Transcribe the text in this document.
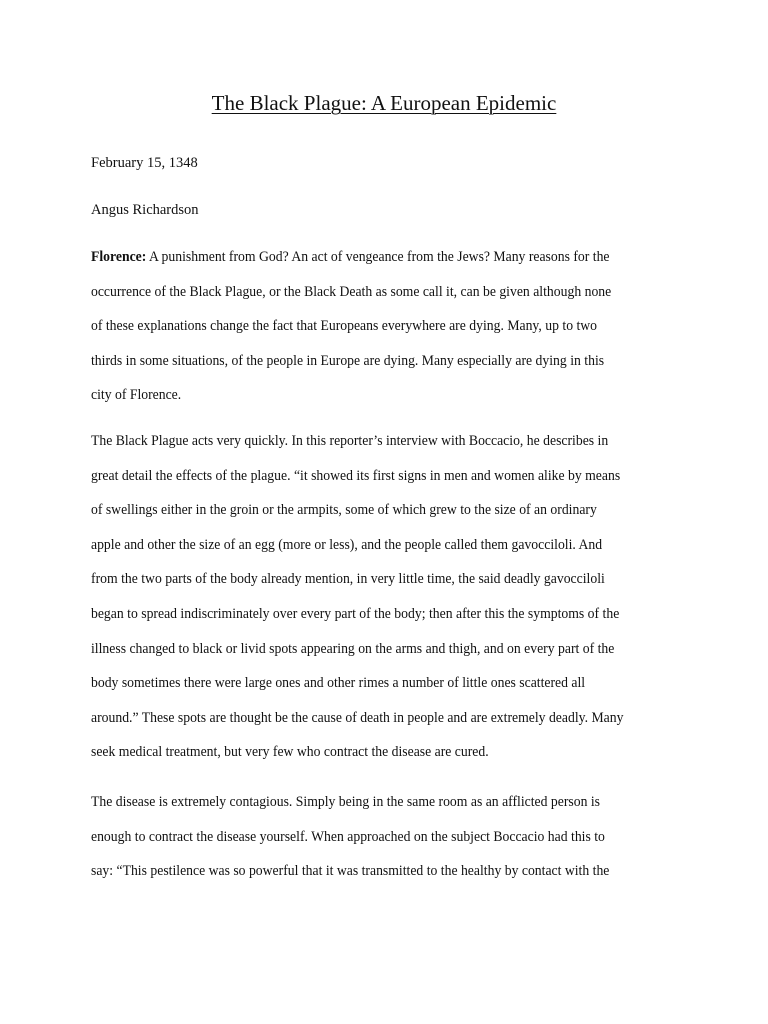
The Black Plague: A European Epidemic

February 15, 1348

Angus Richardson

Florence: A punishment from God? An act of vengeance from the Jews? Many reasons for the
occurrence of the Black Plague, or the Black Death as some call it, can be given although none
of these explanations change the fact that Europeans everywhere are dying. Many, up to two
thirds in some situations, of the people in Europe are dying. Many especially are dying in this
city of Florence.
The Black Plague acts very quickly. In this reporter’s interview with Boccacio, he describes in
great detail the effects of the plague. “it showed its first signs in men and women alike by means
of swellings either in the groin or the armpits, some of which grew to the size of an ordinary
apple and other the size of an egg (more or less), and the people called them gavocciloli. And
from the two parts of the body already mention, in very little time, the said deadly gavocciloli
began to spread indiscriminately over every part of the body; then after this the symptoms of the
illness changed to black or livid spots appearing on the arms and thigh, and on every part of the
body sometimes there were large ones and other rimes a number of little ones scattered all
around.” These spots are thought be the cause of death in people and are extremely deadly. Many
seek medical treatment, but very few who contract the disease are cured.
The disease is extremely contagious. Simply being in the same room as an afflicted person is
enough to contract the disease yourself. When approached on the subject Boccacio had this to
say: “This pestilence was so powerful that it was transmitted to the healthy by contact with the
